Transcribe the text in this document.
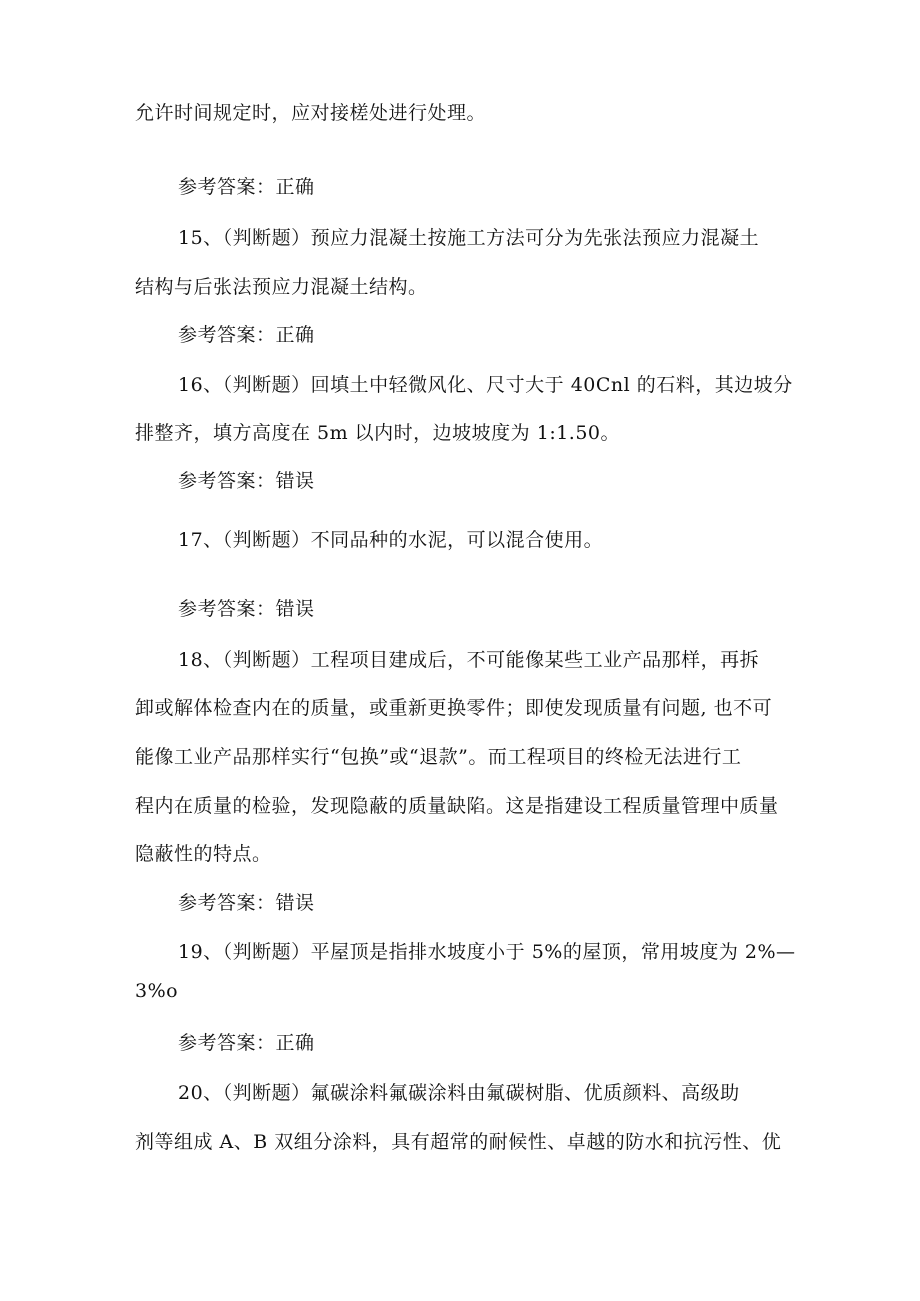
允许时间规定时，应对接槎处进行处理。
参考答案：正确
15、（判断题）预应力混凝土按施工方法可分为先张法预应力混凝土
结构与后张法预应力混凝土结构。
参考答案：正确
16、（判断题）回填土中轻微风化、尺寸大于 40Cnl 的石料，其边坡分
排整齐，填方高度在 5m 以内时，边坡坡度为 1:1.50。
参考答案：错误
17、（判断题）不同品种的水泥，可以混合使用。
参考答案：错误
18、（判断题）工程项目建成后，不可能像某些工业产品那样，再拆
卸或解体检查内在的质量，或重新更换零件；即使发现质量有问题, 也不可
能像工业产品那样实行“包换”或“退款”。而工程项目的终检无法进行工
程内在质量的检验，发现隐蔽的质量缺陷。这是指建设工程质量管理中质量
隐蔽性的特点。
参考答案：错误
19、（判断题）平屋顶是指排水坡度小于 5%的屋顶，常用坡度为 2%—
3%o
参考答案：正确
20、（判断题）氟碳涂料氟碳涂料由氟碳树脂、优质颜料、高级助
剂等组成 A、B 双组分涂料，具有超常的耐候性、卓越的防水和抗污性、优
